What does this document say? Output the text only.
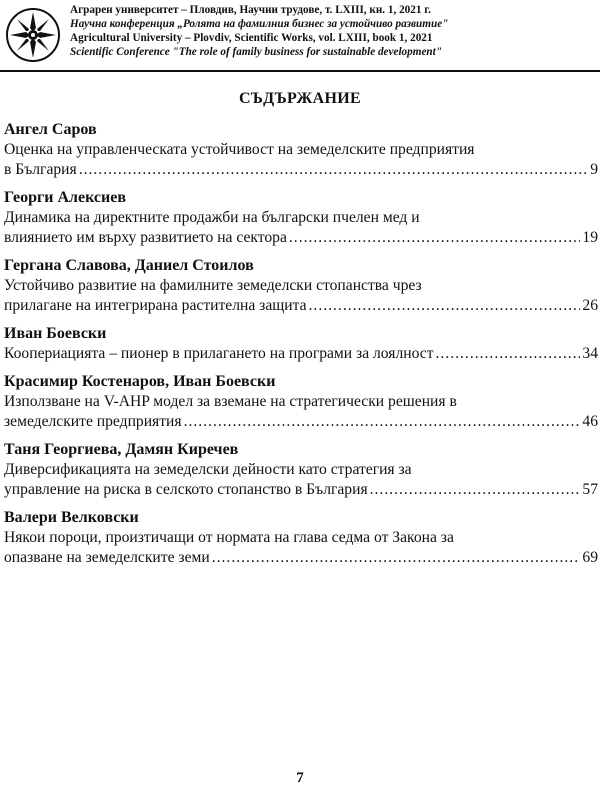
Аграрен университет – Пловдив, Научни трудове, т. LXIII, кн. 1, 2021 г.
Научна конференция „Ролята на фамилния бизнес за устойчиво развитие"
Agricultural University – Plovdiv, Scientific Works, vol. LXIII, book 1, 2021
Scientific Conference "The role of family business for sustainable development"
СЪДЪРЖАНИЕ
Ангел Саров
Оценка на управленческата устойчивост на земеделските предприятия
в България .....	9
Георги Алексиев
Динамика на директните продажби на български пчелен мед и
влиянието им върху развитието на сектора .....	19
Гергана Славова, Даниел Стоилов
Устойчиво развитие на фамилните земеделски стопанства чрез
прилагане на интегрирана растителна защита .....	26
Иван Боевски
Коопериацията – пионер в прилагането на програми за лоялност .....	34
Красимир Костенаров, Иван Боевски
Използване на V-AHP модел за вземане на стратегически решения в
земеделските предприятия .....	46
Таня Георгиева, Дамян Киречев
Диверсификацията на земеделски дейности като стратегия за
управление на риска в селското стопанство в България .....	57
Валери Велковски
Някои пороци, произтичащи от нормата на глава седма от Закона за
опазване на земеделските земи .....	69
7
